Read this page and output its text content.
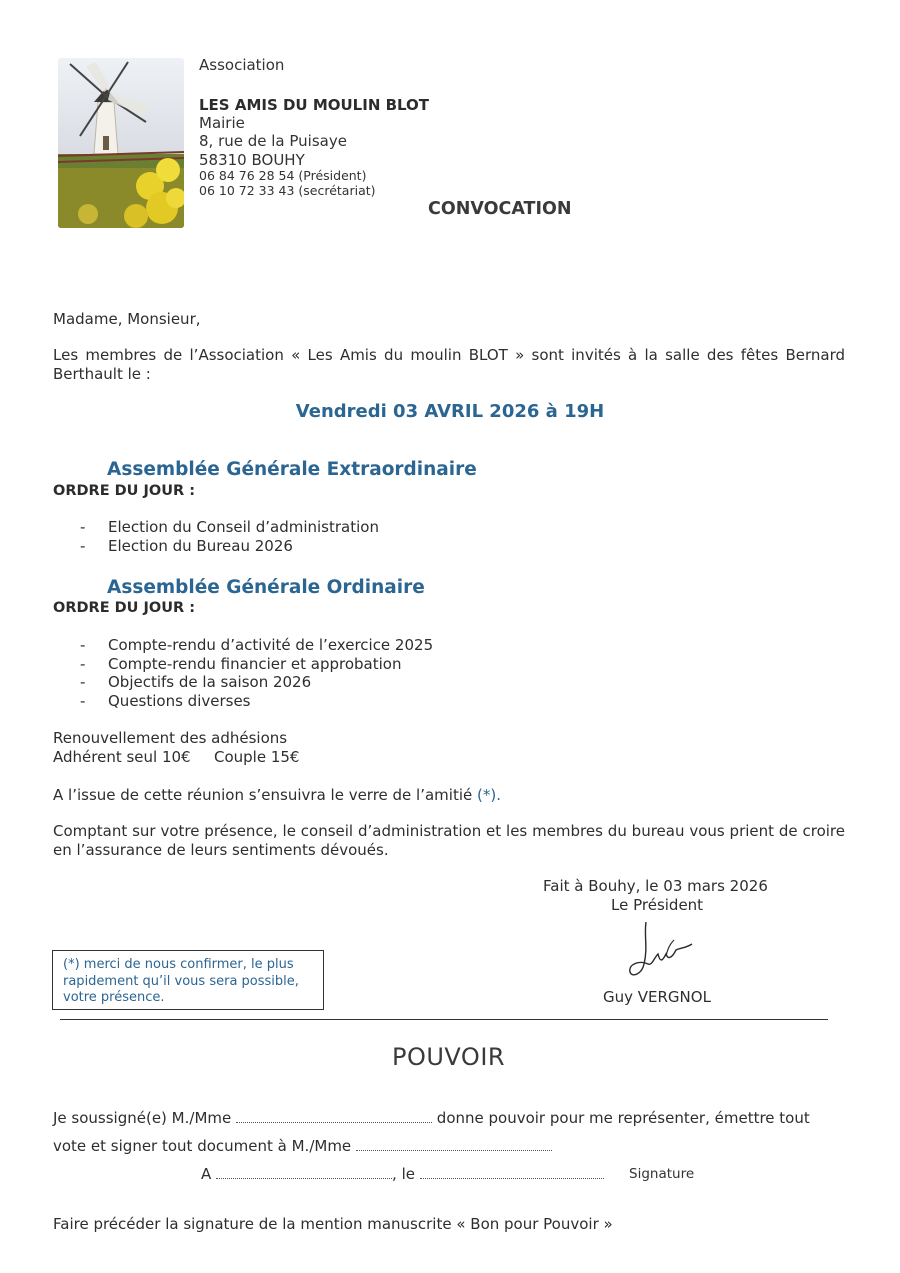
Association
LES AMIS DU MOULIN BLOT
Mairie
8, rue de la Puisaye
58310 BOUHY
06 84 76 28 54 (Président)
06 10 72 33 43 (secrétariat)
CONVOCATION
Madame, Monsieur,
Les membres de l’Association « Les Amis du moulin BLOT » sont invités à la salle des fêtes Bernard Berthault le :
Vendredi 03 AVRIL 2026 à 19H
Assemblée Générale Extraordinaire
ORDRE DU JOUR :
- Election du Conseil d’administration
- Election du Bureau 2026
Assemblée Générale Ordinaire
ORDRE DU JOUR :
- Compte-rendu d’activité de l’exercice 2025
- Compte-rendu financier et approbation
- Objectifs de la saison 2026
- Questions diverses
Renouvellement des adhésions
Adhérent seul 10€ Couple 15€
A l’issue de cette réunion s’ensuivra le verre de l’amitié (*).
Comptant sur votre présence, le conseil d’administration et les membres du bureau vous prient de croire en l’assurance de leurs sentiments dévoués.
Fait à Bouhy, le 03 mars 2026
Le Président
Guy VERGNOL
(*) merci de nous confirmer, le plus rapidement qu’il vous sera possible, votre présence.
POUVOIR
Je soussigné(e) M./Mme	donne pouvoir pour me représenter, émettre tout
vote et signer tout document à M./Mme
A	, le	Signature
Faire précéder la signature de la mention manuscrite « Bon pour Pouvoir »
